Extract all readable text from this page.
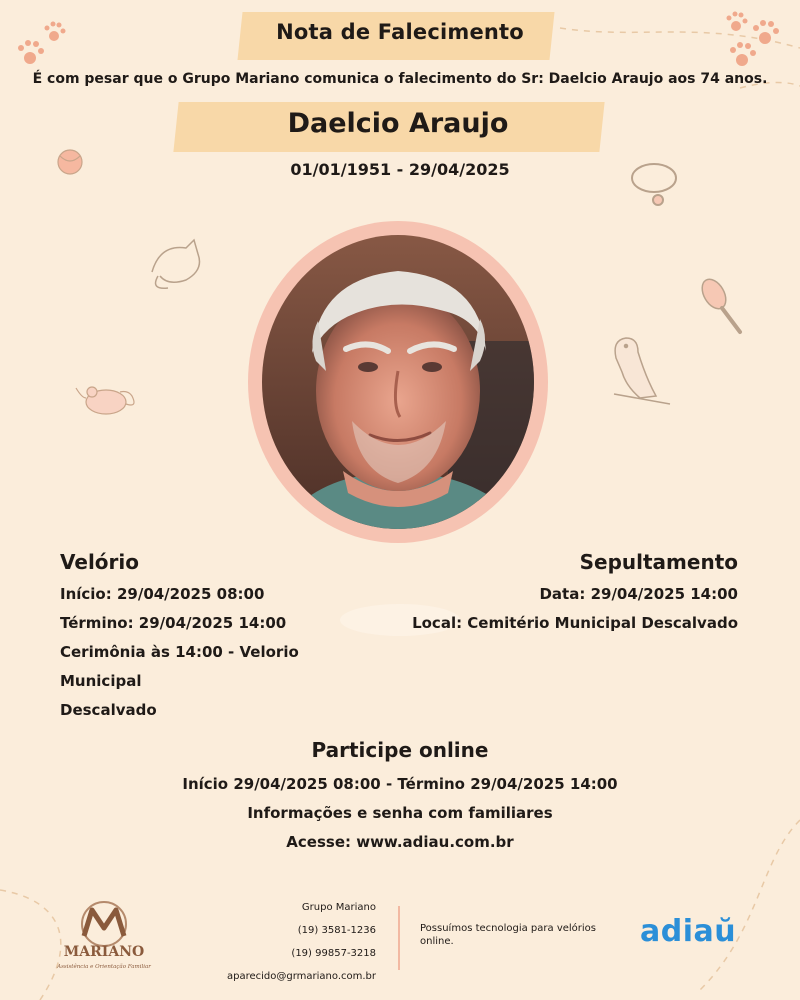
Nota de Falecimento
É com pesar que o Grupo Mariano comunica o falecimento do Sr: Daelcio Araujo aos 74 anos.
Daelcio Araujo
01/01/1951 - 29/04/2025
Velório
Início: 29/04/2025 08:00
Término: 29/04/2025 14:00
Cerimônia às 14:00 - Velorio Municipal
Descalvado
Sepultamento
Data: 29/04/2025 14:00
Local: Cemitério Municipal Descalvado
Participe online
Início 29/04/2025 08:00 - Término 29/04/2025 14:00
Informações e senha com familiares
Acesse: www.adiau.com.br
MARIANO
Assistência e Orientação Familiar
Grupo Mariano
(19) 3581-1236
(19) 99857-3218
aparecido@grmariano.com.br
Possuímos tecnologia para velórios online.	adiaŭ
